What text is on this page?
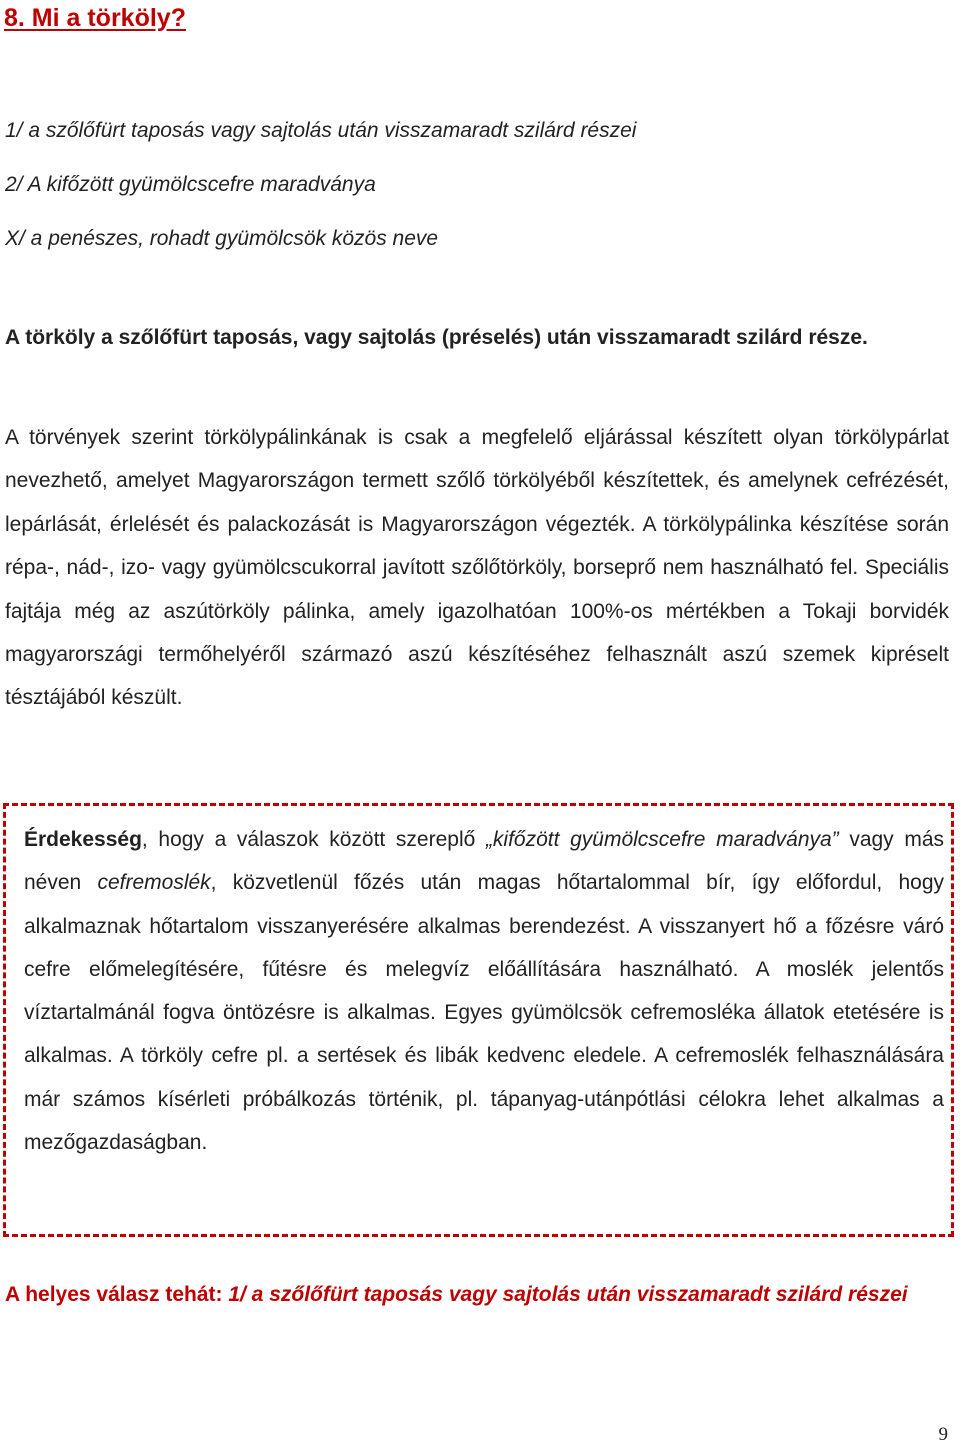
8. Mi a törköly?
1/ a szőlőfürt taposás vagy sajtolás után visszamaradt szilárd részei
2/ A kifőzött gyümölcscefre maradványa
X/ a penészes, rohadt gyümölcsök közös neve

A törköly a szőlőfürt taposás, vagy sajtolás (préselés) után visszamaradt szilárd része.

A törvények szerint törkölypálinkának is csak a megfelelő eljárással készített olyan törkölypárlat nevezhető, amelyet Magyarországon termett szőlő törkölyéből készítettek, és amelynek cefrézését, lepárlását, érlelését és palackozását is Magyarországon végezték. A törkölypálinka készítése során répa-, nád-, izo- vagy gyümölcscukorral javított szőlőtörköly, borseprő nem használható fel. Speciális fajtája még az aszútörköly pálinka, amely igazolhatóan 100%-os mértékben a Tokaji borvidék magyarországi termőhelyéről származó aszú készítéséhez felhasznált aszú szemek kipréselt tésztájából készült.

Érdekesség, hogy a válaszok között szereplő „kifőzött gyümölcscefre maradványa” vagy más néven cefremoslék, közvetlenül főzés után magas hőtartalommal bír, így előfordul, hogy alkalmaznak hőtartalom visszanyerésére alkalmas berendezést. A visszanyert hő a főzésre váró cefre előmelegítésére, fűtésre és melegvíz előállítására használható. A moslék jelentős víztartalmánál fogva öntözésre is alkalmas. Egyes gyümölcsök cefremosléka állatok etetésére is alkalmas. A törköly cefre pl. a sertések és libák kedvenc eledele. A cefremoslék felhasználására már számos kísérleti próbálkozás történik, pl. tápanyag-utánpótlási célokra lehet alkalmas a mezőgazdaságban.

A helyes válasz tehát: 1/ a szőlőfürt taposás vagy sajtolás után visszamaradt szilárd részei

9
